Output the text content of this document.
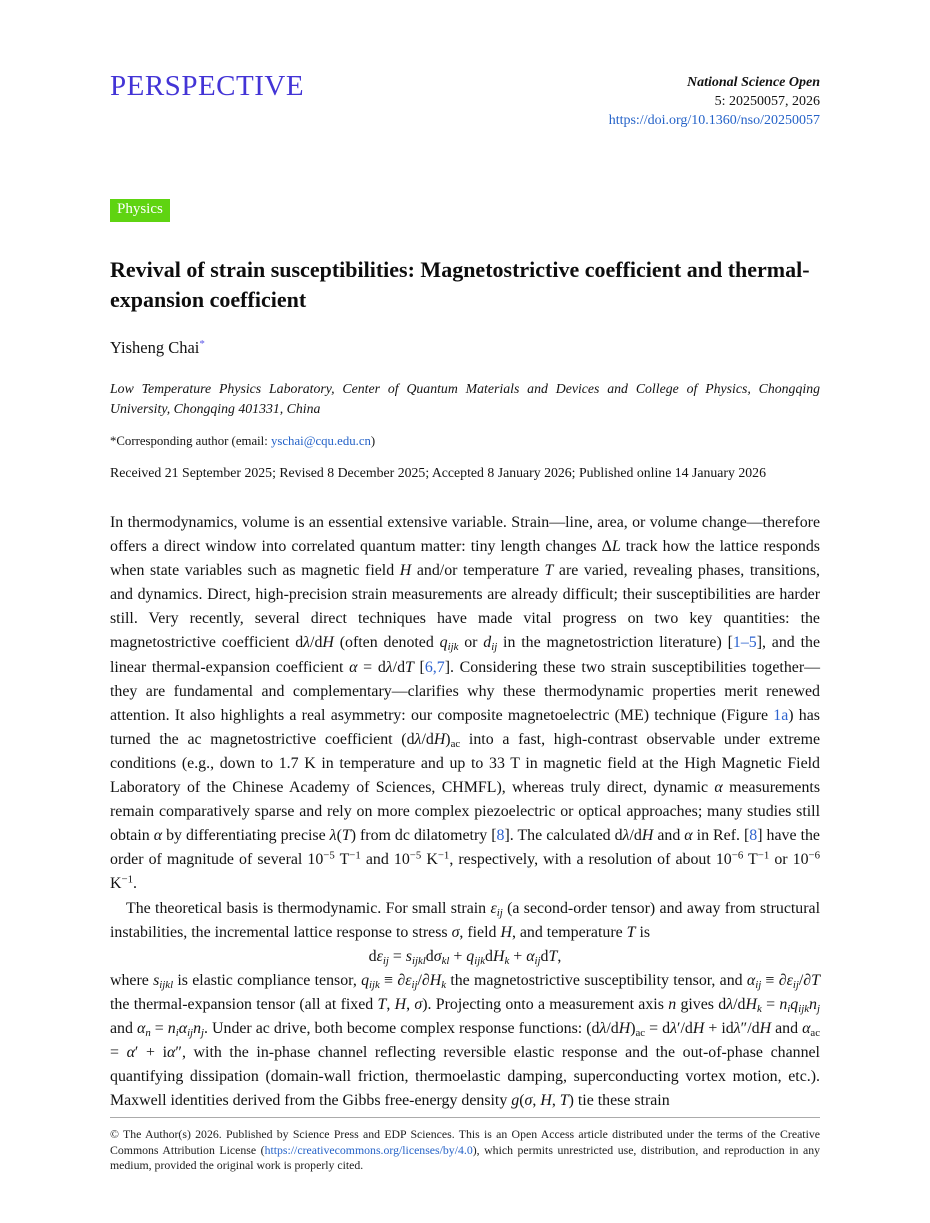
PERSPECTIVE	National Science Open
5: 20250057, 2026
https://doi.org/10.1360/nso/20250057
Physics
Revival of strain susceptibilities: Magnetostrictive coefficient and thermal-expansion coefficient
Yisheng Chai*

Low Temperature Physics Laboratory, Center of Quantum Materials and Devices and College of Physics, Chongqing University, Chongqing 401331, China

*Corresponding author (email: yschai@cqu.edu.cn)

Received 21 September 2025; Revised 8 December 2025; Accepted 8 January 2026; Published online 14 January 2026

In thermodynamics, volume is an essential extensive variable. Strain—line, area, or volume change—therefore offers a direct window into correlated quantum matter: tiny length changes ΔL track how the lattice responds when state variables such as magnetic field H and/or temperature T are varied, revealing phases, transitions, and dynamics. Direct, high-precision strain measurements are already difficult; their susceptibilities are harder still. Very recently, several direct techniques have made vital progress on two key quantities: the magnetostrictive coefficient dλ/dH (often denoted $q_{ijk}$ or $d_{ij}$ in the magnetostriction literature) [1–5], and the linear thermal-expansion coefficient α = dλ/dT [6,7]. Considering these two strain susceptibilities together—they are fundamental and complementary—clarifies why these thermodynamic properties merit renewed attention. It also highlights a real asymmetry: our composite magnetoelectric (ME) technique (Figure 1a) has turned the ac magnetostrictive coefficient $(d\lambda/dH)_{ac}$ into a fast, high-contrast observable under extreme conditions (e.g., down to 1.7 K in temperature and up to 33 T in magnetic field at the High Magnetic Field Laboratory of the Chinese Academy of Sciences, CHMFL), whereas truly direct, dynamic α measurements remain comparatively sparse and rely on more complex piezoelectric or optical approaches; many studies still obtain α by differentiating precise λ(T) from dc dilatometry [8]. The calculated dλ/dH and α in Ref. [8] have the order of magnitude of several $10^{-5}$ $T^{-1}$ and $10^{-5}$ $K^{-1}$, respectively, with a resolution of about $10^{-6}$ $T^{-1}$ or $10^{-6}$ $K^{-1}$.

The theoretical basis is thermodynamic. For small strain $\varepsilon_{ij}$ (a second-order tensor) and away from structural instabilities, the incremental lattice response to stress σ, field H, and temperature T is

$d\varepsilon_{ij} = s_{ijkl}d\sigma_{kl} + q_{ijk}dH_k + \alpha_{ij}dT$,

where $s_{ijkl}$ is elastic compliance tensor, $q_{ijk} \equiv \partial\varepsilon_{ij}/\partial H_k$ the magnetostrictive susceptibility tensor, and $\alpha_{ij} \equiv \partial\varepsilon_{ij}/\partial T$ the thermal-expansion tensor (all at fixed T, H, σ). Projecting onto a measurement axis n gives $d\lambda/dH_k = n_iq_{ijk}n_j$ and $\alpha_n = n_i\alpha_{ij}n_j$. Under ac drive, both become complex response functions: $(d\lambda/dH)_{ac} = d\lambda'/dH + id\lambda''/dH$ and $\alpha_{ac} = \alpha' + i\alpha''$, with the in-phase channel reflecting reversible elastic response and the out-of-phase channel quantifying dissipation (domain-wall friction, thermoelastic damping, superconducting vortex motion, etc.). Maxwell identities derived from the Gibbs free-energy density g(σ, H, T) tie these strain

© The Author(s) 2026. Published by Science Press and EDP Sciences. This is an Open Access article distributed under the terms of the Creative Commons Attribution License (https://creativecommons.org/licenses/by/4.0), which permits unrestricted use, distribution, and reproduction in any medium, provided the original work is properly cited.
